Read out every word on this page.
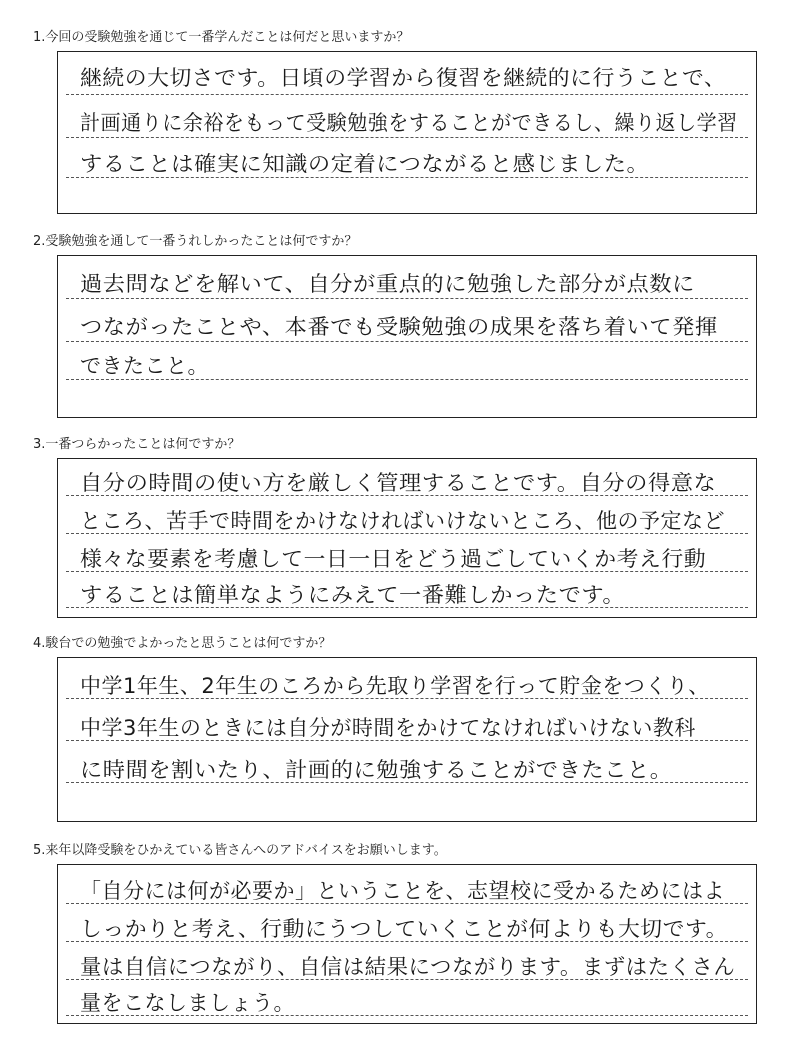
1.今回の受験勉強を通じて一番学んだことは何だと思いますか？
継続の大切さです。日頃の学習から復習を継続的に行うことで、
計画通りに余裕をもって受験勉強をすることができるし、繰り返し学習
することは確実に知識の定着につながると感じました。
2.受験勉強を通して一番うれしかったことは何ですか？
過去問などを解いて、自分が重点的に勉強した部分が点数に
つながったことや、本番でも受験勉強の成果を落ち着いて発揮
できたこと。
3.一番つらかったことは何ですか？
自分の時間の使い方を厳しく管理することです。自分の得意な
ところ、苦手で時間をかけなければいけないところ、他の予定など
様々な要素を考慮して一日一日をどう過ごしていくか考え行動
することは簡単なようにみえて一番難しかったです。
4.駿台での勉強でよかったと思うことは何ですか？
中学1年生、2年生のころから先取り学習を行って貯金をつくり、
中学3年生のときには自分が時間をかけてなければいけない教科
に時間を割いたり、計画的に勉強することができたこと。
5.来年以降受験をひかえている皆さんへのアドバイスをお願いします。
「自分には何が必要か」ということを、志望校に受かるためにはよ
しっかりと考え、行動にうつしていくことが何よりも大切です。
量は自信につながり、自信は結果につながります。まずはたくさん
量をこなしましょう。
